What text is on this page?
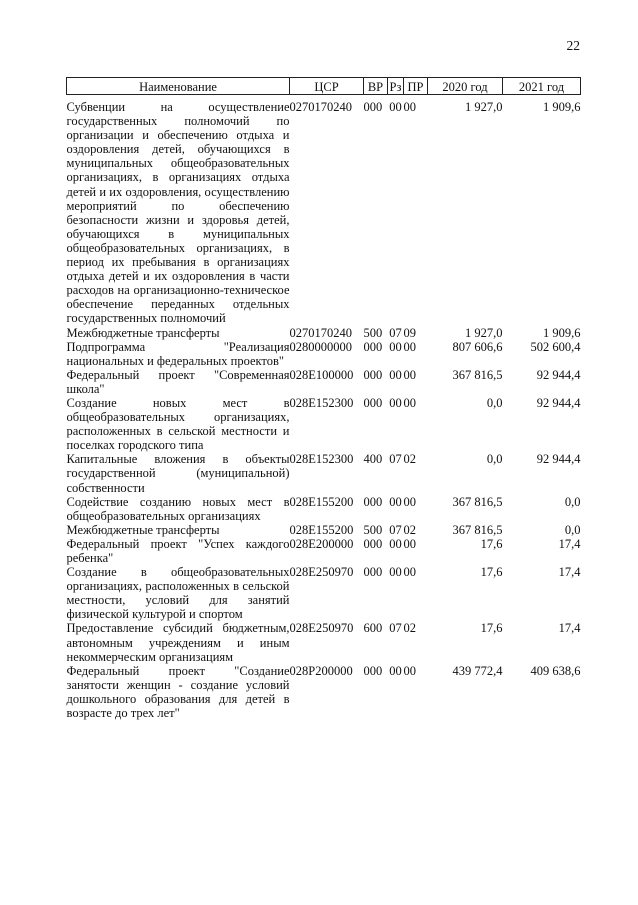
22
Наименование	ЦСР	ВР	Рз	ПР	2020 год	2021 год
Субвенции на осуществление государственных полномочий по организации и обеспечению отдыха и оздоровления детей, обучающихся в муниципальных общеобразовательных организациях, в организациях отдыха детей и их оздоровления, осуществлению мероприятий по обеспечению безопасности жизни и здоровья детей, обучающихся в муниципальных общеобразовательных организациях, в период их пребывания в организациях отдыха детей и их оздоровления в части расходов на организационно-техническое обеспечение переданных отдельных государственных полномочий	0270170240	000	00	00	1 927,0	1 909,6
Межбюджетные трансферты	0270170240	500	07	09	1 927,0	1 909,6
Подпрограмма "Реализация национальных и федеральных проектов"	0280000000	000	00	00	807 606,6	502 600,4
Федеральный проект "Современная школа"	028E100000	000	00	00	367 816,5	92 944,4
Создание новых мест в общеобразовательных организациях, расположенных в сельской местности и поселках городского типа	028E152300	000	00	00	0,0	92 944,4
Капитальные вложения в объекты государственной (муниципальной) собственности	028E152300	400	07	02	0,0	92 944,4
Содействие созданию новых мест в общеобразовательных организациях	028E155200	000	00	00	367 816,5	0,0
Межбюджетные трансферты	028E155200	500	07	02	367 816,5	0,0
Федеральный проект "Успех каждого ребенка"	028E200000	000	00	00	17,6	17,4
Создание в общеобразовательных организациях, расположенных в сельской местности, условий для занятий физической культурой и спортом	028E250970	000	00	00	17,6	17,4
Предоставление субсидий бюджетным, автономным учреждениям и иным некоммерческим организациям	028E250970	600	07	02	17,6	17,4
Федеральный проект "Создание занятости женщин - создание условий дошкольного образования для детей в возрасте до трех лет"	028P200000	000	00	00	439 772,4	409 638,6
